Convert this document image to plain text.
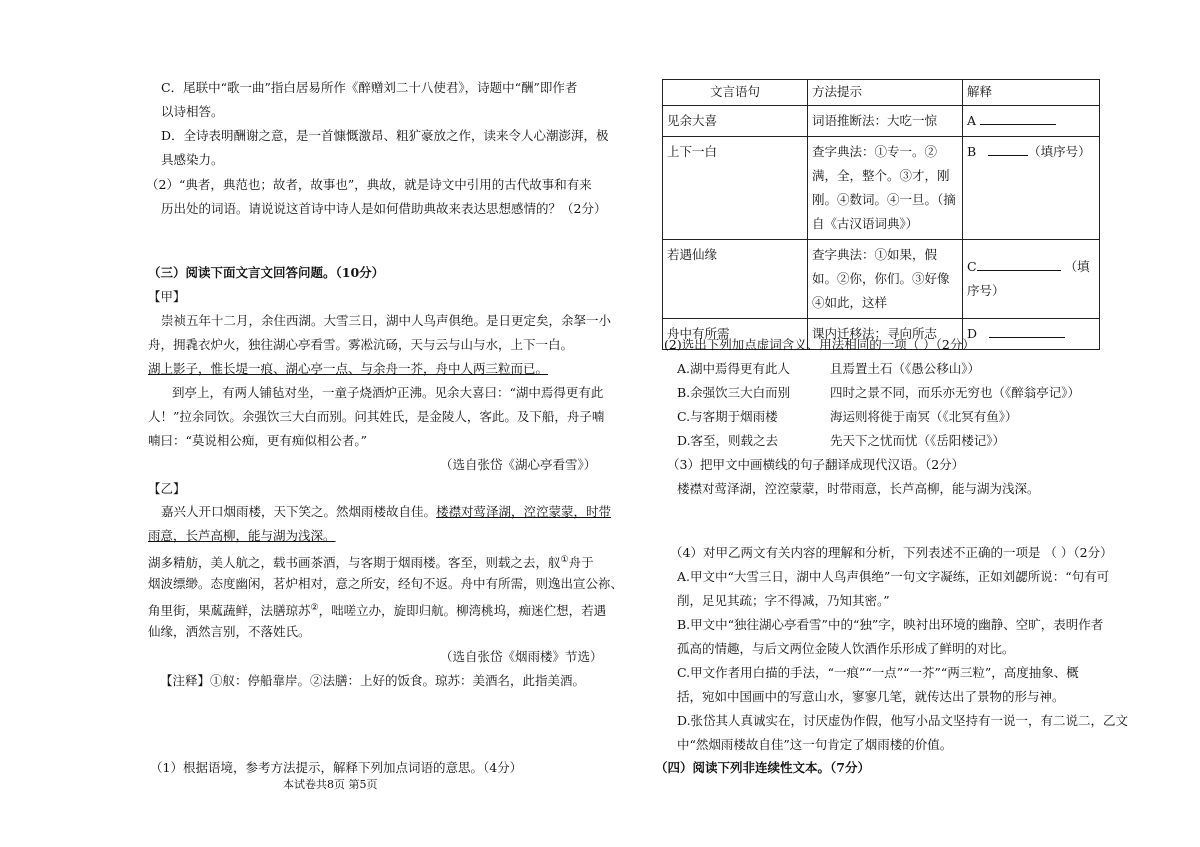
C．尾联中“歌一曲”指白居易所作《醉赠刘二十八使君》，诗题中“酬”即作者
以诗相答。
D．全诗表明酬谢之意，是一首慷慨激昂、粗犷豪放之作，读来令人心潮澎湃，极
具感染力。
（2）“典者，典范也；故者，故事也”，典故，就是诗文中引用的古代故事和有来
历出处的词语。请说说这首诗中诗人是如何借助典故来表达思想感情的？（2分）
（三）阅读下面文言文回答问题。（10分）
【甲】
崇祯五年十二月，余住西湖。大雪三日，湖中人鸟声俱绝。是日更定矣，余拏一小
舟，拥毳衣炉火，独往湖心亭看雪。雾凇沆砀，天与云与山与水，上下一白。
湖上影子，惟长堤一痕、湖心亭一点、与余舟一芥，舟中人两三粒而已。
到亭上，有两人铺毡对坐，一童子烧酒炉正沸。见余大喜曰：“湖中焉得更有此
人！”拉余同饮。余强饮三大白而别。问其姓氏，是金陵人，客此。及下船，舟子喃
喃曰：“莫说相公痴，更有痴似相公者。”
（选自张岱《湖心亭看雪》）
【乙】
嘉兴人开口烟雨楼，天下笑之。然烟雨楼故自佳。楼襟对莺泽湖，涳涳蒙蒙，时带
雨意，长芦高柳，能与湖为浅深。
湖多精舫，美人航之，载书画茶酒，与客期于烟雨楼。客至，则载之去，舣①舟于
烟波缥缈。态度幽闲，茗炉相对，意之所安，经旬不返。舟中有所需，则逸出宣公祢、
角里街，果蓏蔬鲜，法膳琼苏②，咄嗟立办，旋即归航。柳湾桃坞，痴迷伫想，若遇
仙缘，洒然言别，不落姓氏。
（选自张岱《烟雨楼》节选）
【注释】①舣：停船靠岸。②法膳：上好的饭食。琼苏：美酒名，此指美酒。
（1）根据语境，参考方法提示，解释下列加点词语的意思。（4分）
本试卷共8页 第5页
文言语句	方法提示	解释
见余大喜	词语推断法：大吃一惊	A
上下一白	查字典法：①专一。②满，全，整个。③才，刚刚。④数词。④一旦。（摘自《古汉语词典》）	B （填序号）
若遇仙缘	查字典法：①如果，假如。②你，你们。③好像④如此，这样	C （填序号）
舟中有所需	课内迁移法：寻向所志	D
(2)选出下列加点虚词含义、用法相同的一项（ ）（2分）
A.湖中焉得更有此人	且焉置土石（《愚公移山》）
B.余强饮三大白而别	四时之景不同，而乐亦无穷也（《醉翁亭记》）
C.与客期于烟雨楼	海运则将徙于南冥（《北冥有鱼》）
D.客至，则载之去	先天下之忧而忧（《岳阳楼记》）
（3）把甲文中画横线的句子翻译成现代汉语。（2分）
楼襟对莺泽湖，涳涳蒙蒙，时带雨意，长芦高柳，能与湖为浅深。
（4）对甲乙两文有关内容的理解和分析，下列表述不正确的一项是 （ ）（2分）
A.甲文中“大雪三日，湖中人鸟声俱绝”一句文字凝练，正如刘勰所说：“句有可
削，足见其疏；字不得减，乃知其密。”
B.甲文中“独往湖心亭看雪”中的“独”字，映衬出环境的幽静、空旷，表明作者
孤高的情趣，与后文两位金陵人饮酒作乐形成了鲜明的对比。
C.甲文作者用白描的手法，“一痕”“一点”“一芥”“两三粒”，高度抽象、概
括，宛如中国画中的写意山水，寥寥几笔，就传达出了景物的形与神。
D.张岱其人真诚实在，讨厌虚伪作假，他写小品文坚持有一说一，有二说二，乙文
中“然烟雨楼故自佳”这一句肯定了烟雨楼的价值。
（四）阅读下列非连续性文本。（7分）
